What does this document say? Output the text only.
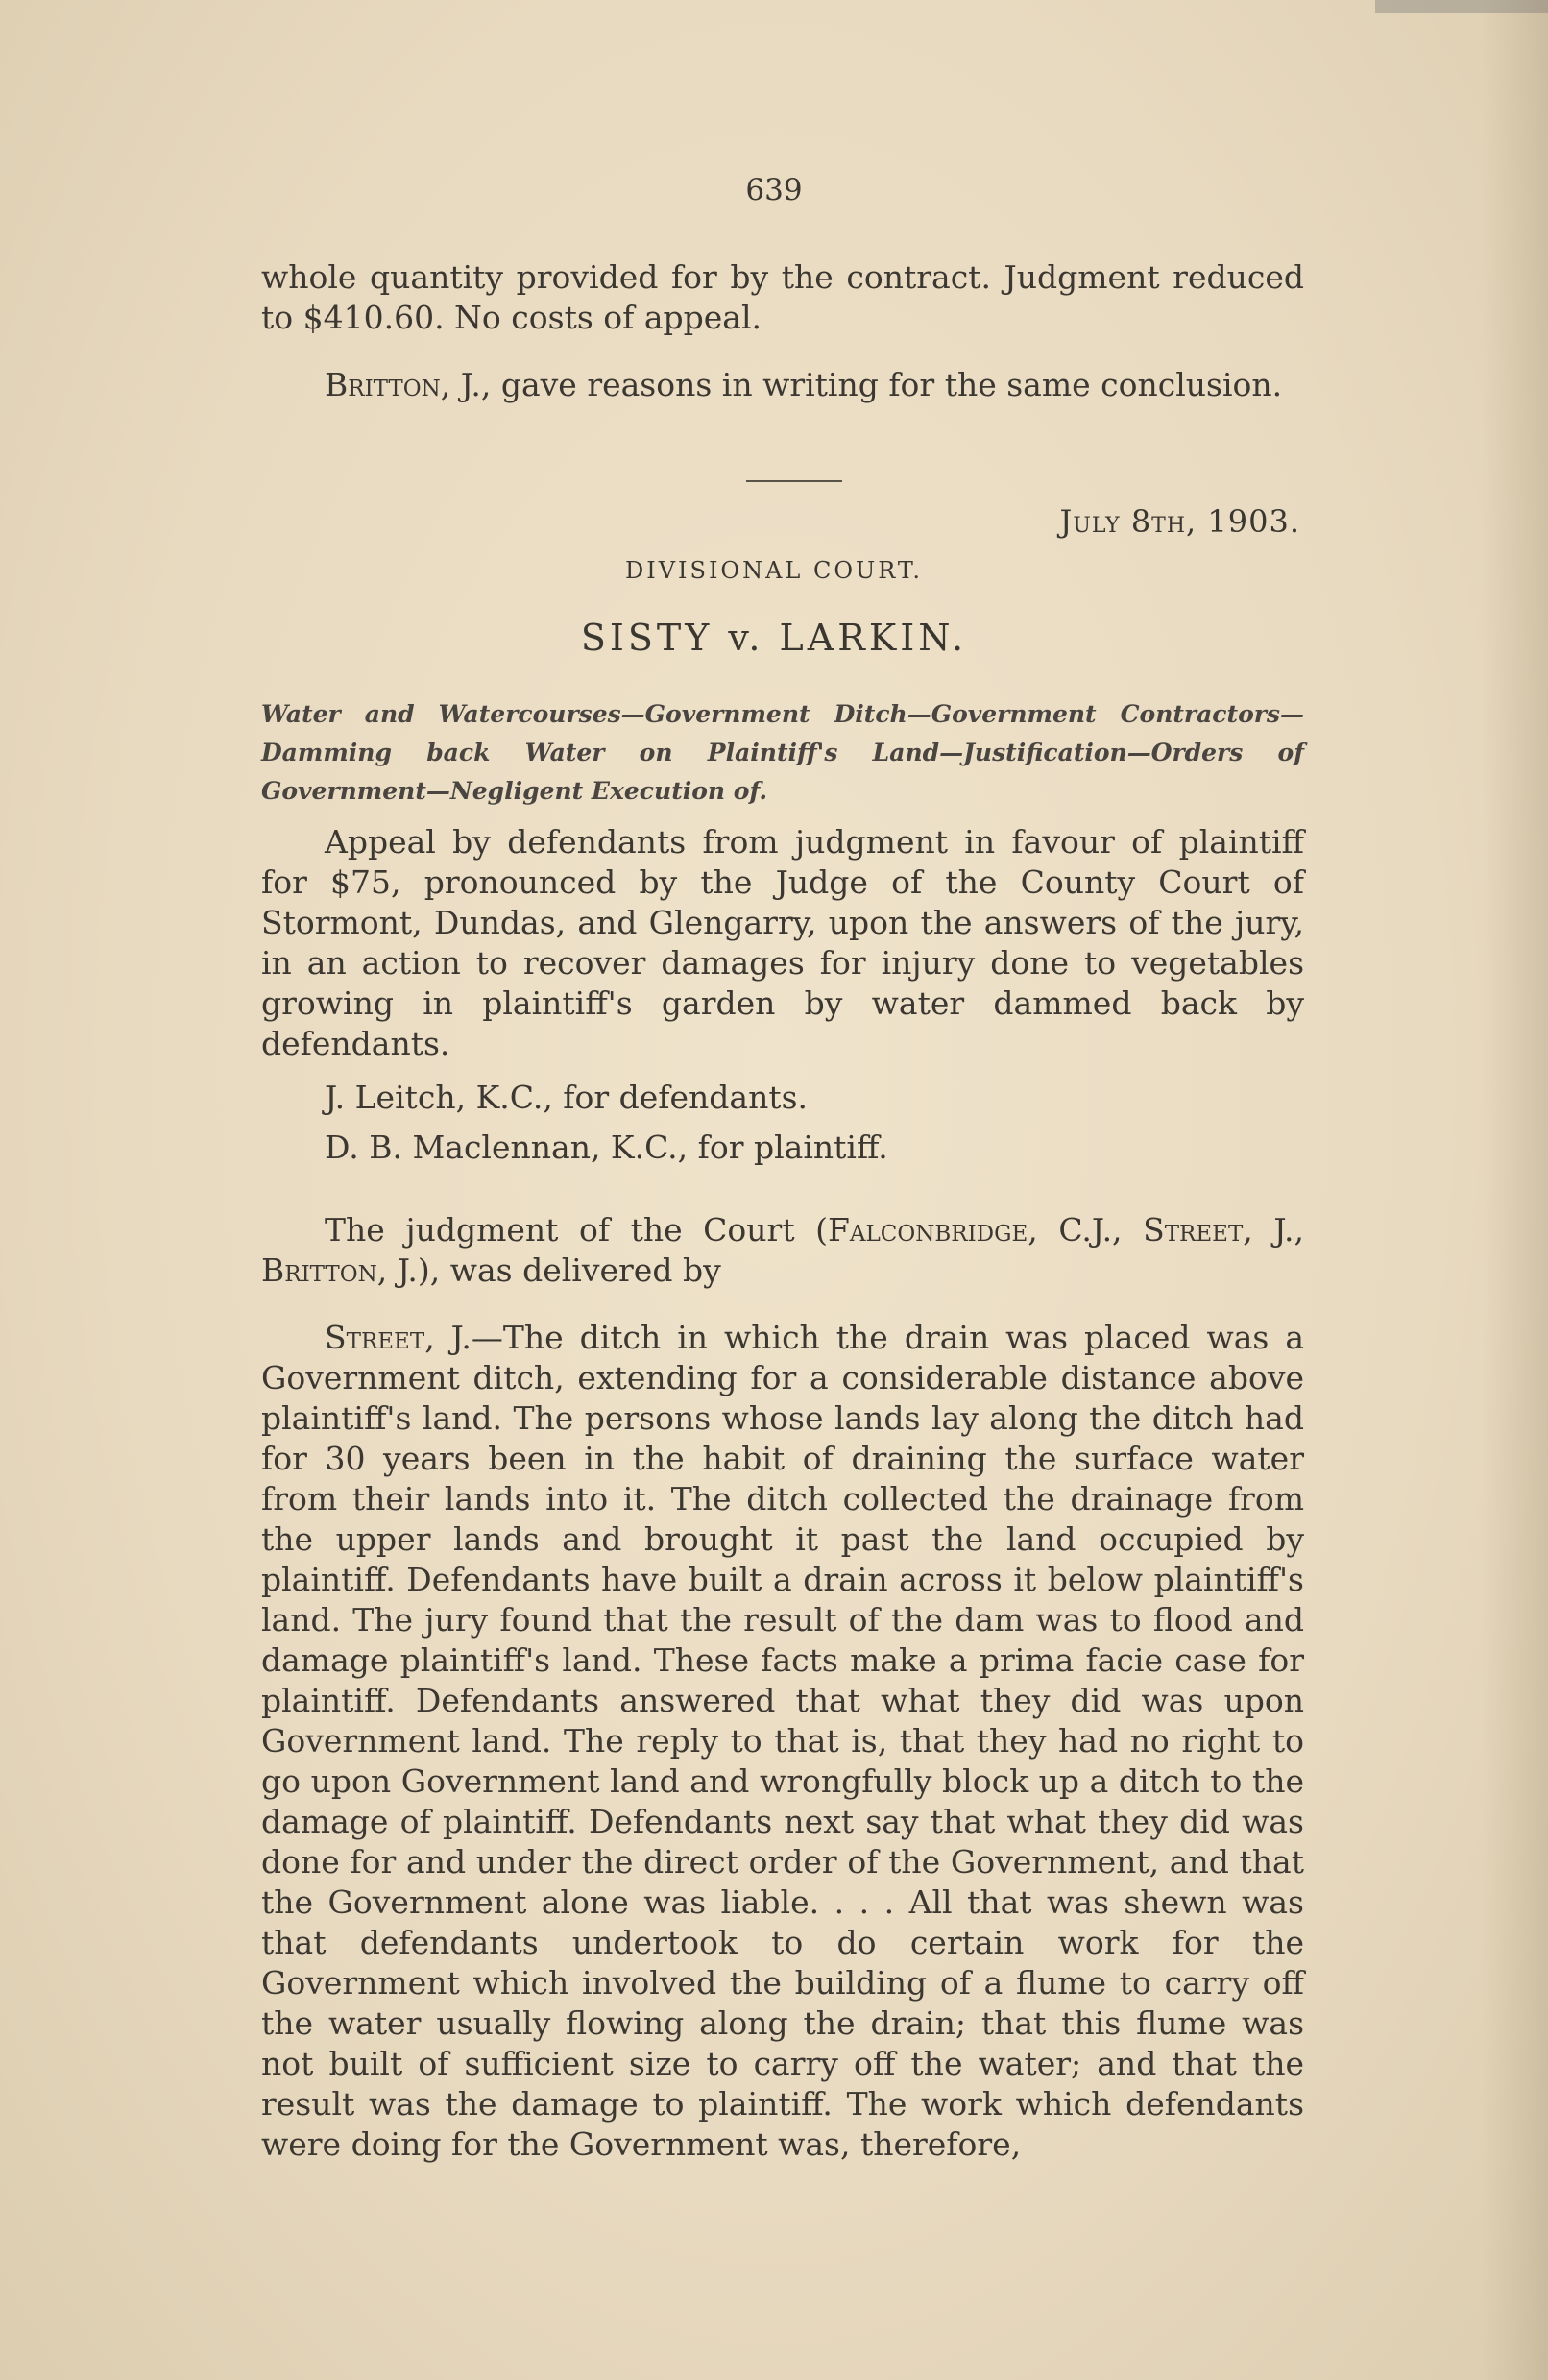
639

whole quantity provided for by the contract. Judgment reduced to $410.60. No costs of appeal.

Britton, J., gave reasons in writing for the same conclusion.

July 8th, 1903.
DIVISIONAL COURT.
SISTY v. LARKIN.
Water and Watercourses—Government Ditch—Government Contractors—Damming back Water on Plaintiff's Land—Justification—Orders of Government—Negligent Execution of.

Appeal by defendants from judgment in favour of plaintiff for $75, pronounced by the Judge of the County Court of Stormont, Dundas, and Glengarry, upon the answers of the jury, in an action to recover damages for injury done to vegetables growing in plaintiff's garden by water dammed back by defendants.

J. Leitch, K.C., for defendants.

D. B. Maclennan, K.C., for plaintiff.

The judgment of the Court (Falconbridge, C.J., Street, J., Britton, J.), was delivered by

Street, J.—The ditch in which the drain was placed was a Government ditch, extending for a considerable distance above plaintiff's land. The persons whose lands lay along the ditch had for 30 years been in the habit of draining the surface water from their lands into it. The ditch collected the drainage from the upper lands and brought it past the land occupied by plaintiff. Defendants have built a drain across it below plaintiff's land. The jury found that the result of the dam was to flood and damage plaintiff's land. These facts make a prima facie case for plaintiff. Defendants answered that what they did was upon Government land. The reply to that is, that they had no right to go upon Government land and wrongfully block up a ditch to the damage of plaintiff. Defendants next say that what they did was done for and under the direct order of the Government, and that the Government alone was liable. . . . All that was shewn was that defendants undertook to do certain work for the Government which involved the building of a flume to carry off the water usually flowing along the drain; that this flume was not built of sufficient size to carry off the water; and that the result was the damage to plaintiff. The work which defendants were doing for the Government was, therefore,
